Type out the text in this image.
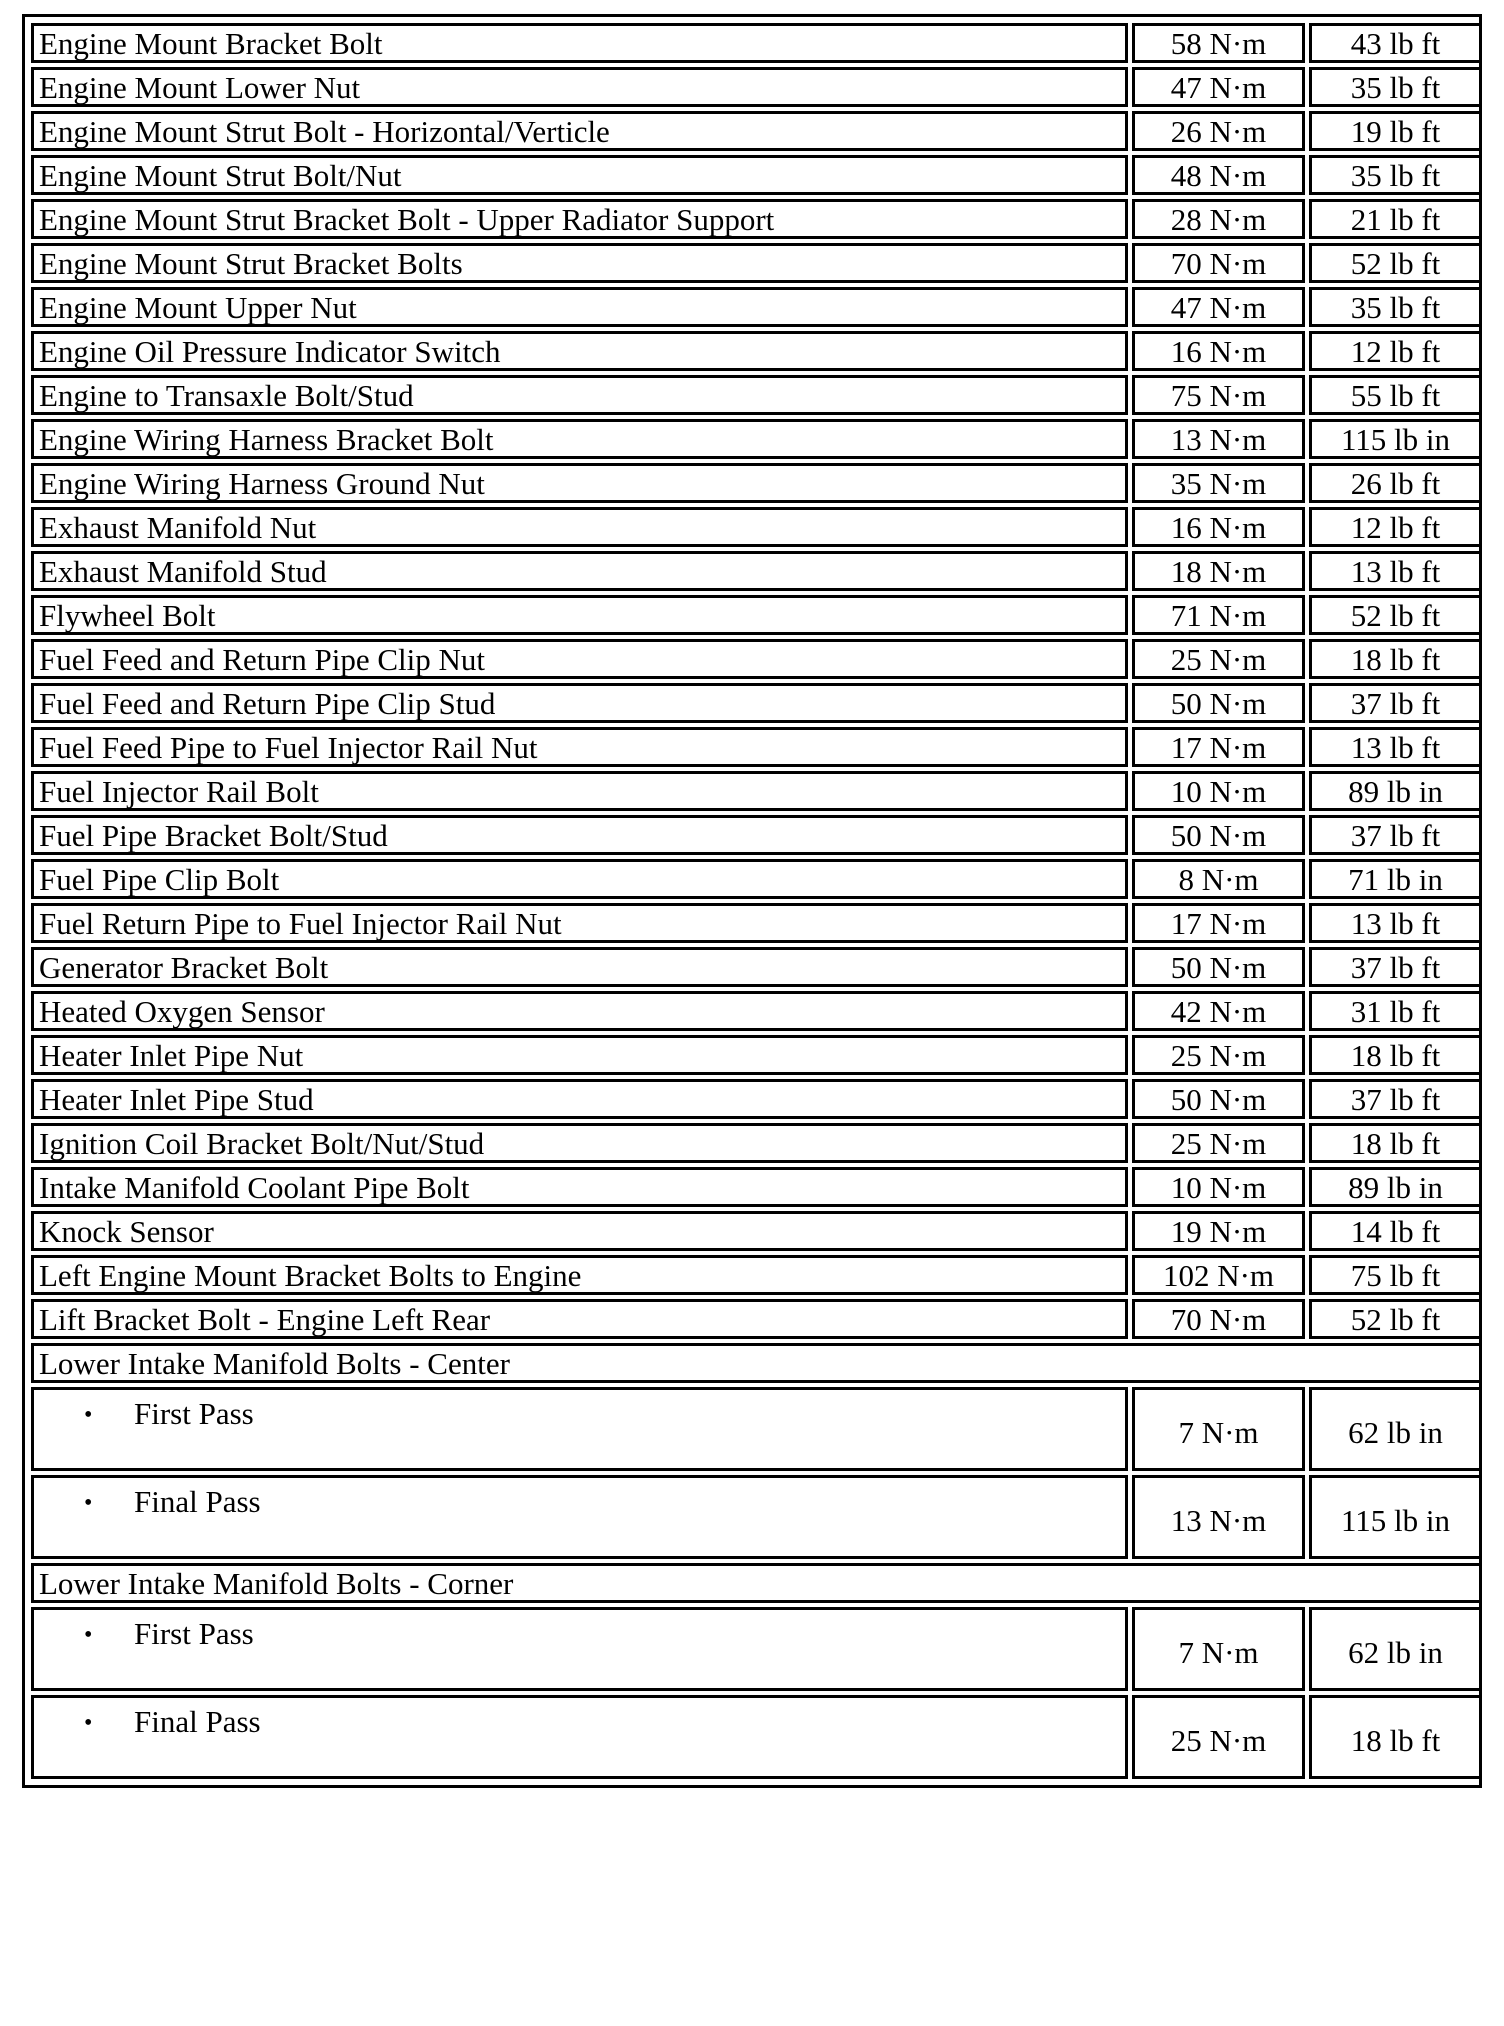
Engine Mount Bracket Bolt	58 N·m	43 lb ft
Engine Mount Lower Nut	47 N·m	35 lb ft
Engine Mount Strut Bolt - Horizontal/Verticle	26 N·m	19 lb ft
Engine Mount Strut Bolt/Nut	48 N·m	35 lb ft
Engine Mount Strut Bracket Bolt - Upper Radiator Support	28 N·m	21 lb ft
Engine Mount Strut Bracket Bolts	70 N·m	52 lb ft
Engine Mount Upper Nut	47 N·m	35 lb ft
Engine Oil Pressure Indicator Switch	16 N·m	12 lb ft
Engine to Transaxle Bolt/Stud	75 N·m	55 lb ft
Engine Wiring Harness Bracket Bolt	13 N·m	115 lb in
Engine Wiring Harness Ground Nut	35 N·m	26 lb ft
Exhaust Manifold Nut	16 N·m	12 lb ft
Exhaust Manifold Stud	18 N·m	13 lb ft
Flywheel Bolt	71 N·m	52 lb ft
Fuel Feed and Return Pipe Clip Nut	25 N·m	18 lb ft
Fuel Feed and Return Pipe Clip Stud	50 N·m	37 lb ft
Fuel Feed Pipe to Fuel Injector Rail Nut	17 N·m	13 lb ft
Fuel Injector Rail Bolt	10 N·m	89 lb in
Fuel Pipe Bracket Bolt/Stud	50 N·m	37 lb ft
Fuel Pipe Clip Bolt	8 N·m	71 lb in
Fuel Return Pipe to Fuel Injector Rail Nut	17 N·m	13 lb ft
Generator Bracket Bolt	50 N·m	37 lb ft
Heated Oxygen Sensor	42 N·m	31 lb ft
Heater Inlet Pipe Nut	25 N·m	18 lb ft
Heater Inlet Pipe Stud	50 N·m	37 lb ft
Ignition Coil Bracket Bolt/Nut/Stud	25 N·m	18 lb ft
Intake Manifold Coolant Pipe Bolt	10 N·m	89 lb in
Knock Sensor	19 N·m	14 lb ft
Left Engine Mount Bracket Bolts to Engine	102 N·m	75 lb ft
Lift Bracket Bolt - Engine Left Rear	70 N·m	52 lb ft
Lower Intake Manifold Bolts - Center		
• First Pass	7 N·m	62 lb in
• Final Pass	13 N·m	115 lb in
Lower Intake Manifold Bolts - Corner		
• First Pass	7 N·m	62 lb in
• Final Pass	25 N·m	18 lb ft
